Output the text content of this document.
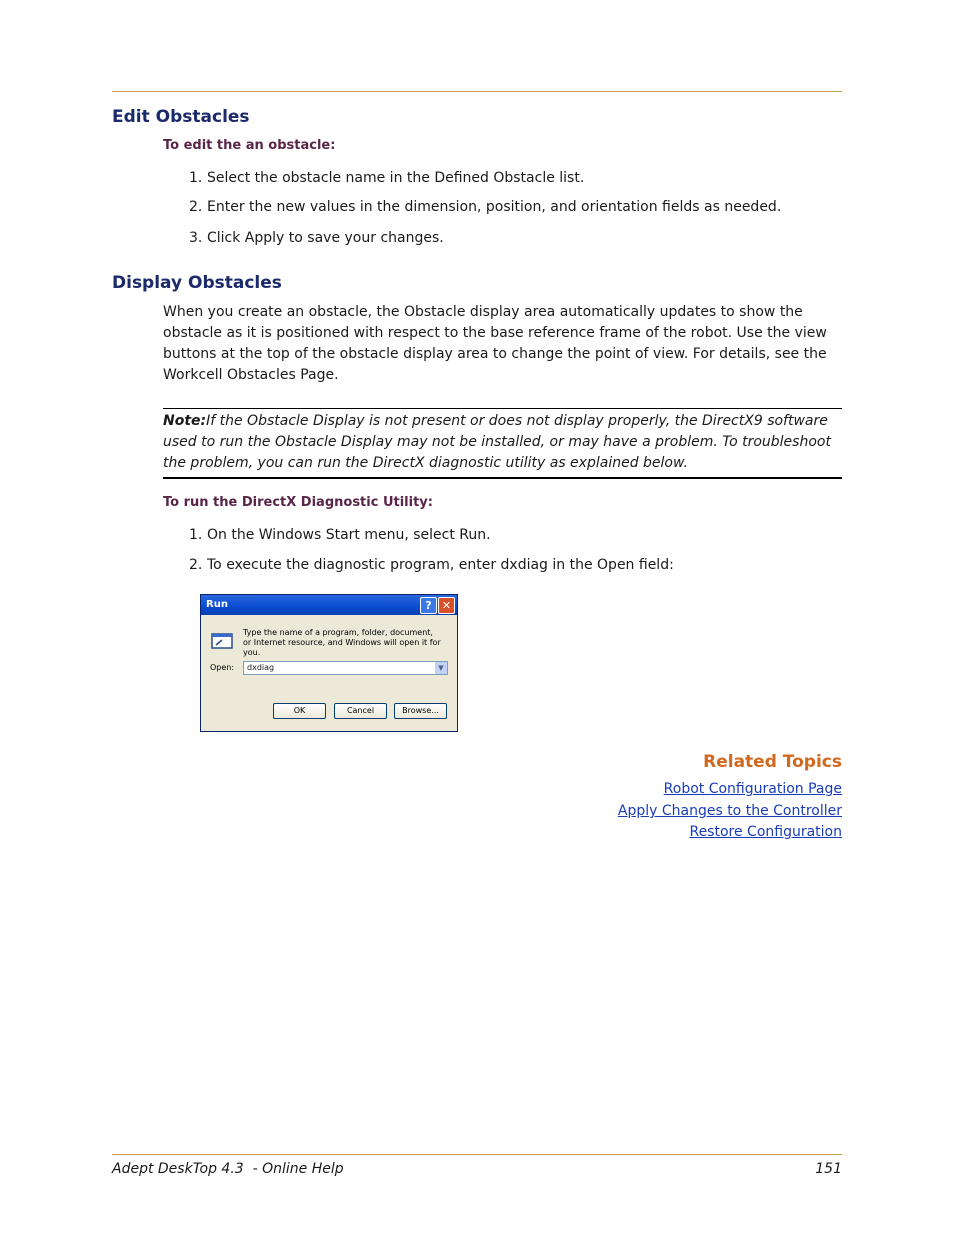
Edit Obstacles
To edit the an obstacle:
1. Select the obstacle name in the Defined Obstacle list.
2. Enter the new values in the dimension, position, and orientation fields as needed.
3. Click Apply to save your changes.
Display Obstacles

When you create an obstacle, the Obstacle display area automatically updates to show the obstacle as it is positioned with respect to the base reference frame of the robot. Use the view buttons at the top of the obstacle display area to change the point of view. For details, see the Workcell Obstacles Page.

Note:If the Obstacle Display is not present or does not display properly, the DirectX9 software used to run the Obstacle Display may not be installed, or may have a problem. To troubleshoot the problem, you can run the DirectX diagnostic utility as explained below.
To run the DirectX Diagnostic Utility:
1. On the Windows Start menu, select Run.
2. To execute the diagnostic program, enter dxdiag in the Open field:
Run	? ✕
Type the name of a program, folder, document, or Internet resource, and Windows will open it for you.
Open:	dxdiag	▼
OK	Cancel	Browse...
Related Topics
Robot Configuration Page
Apply Changes to the Controller
Restore Configuration
Adept DeskTop 4.3  - Online Help	151
